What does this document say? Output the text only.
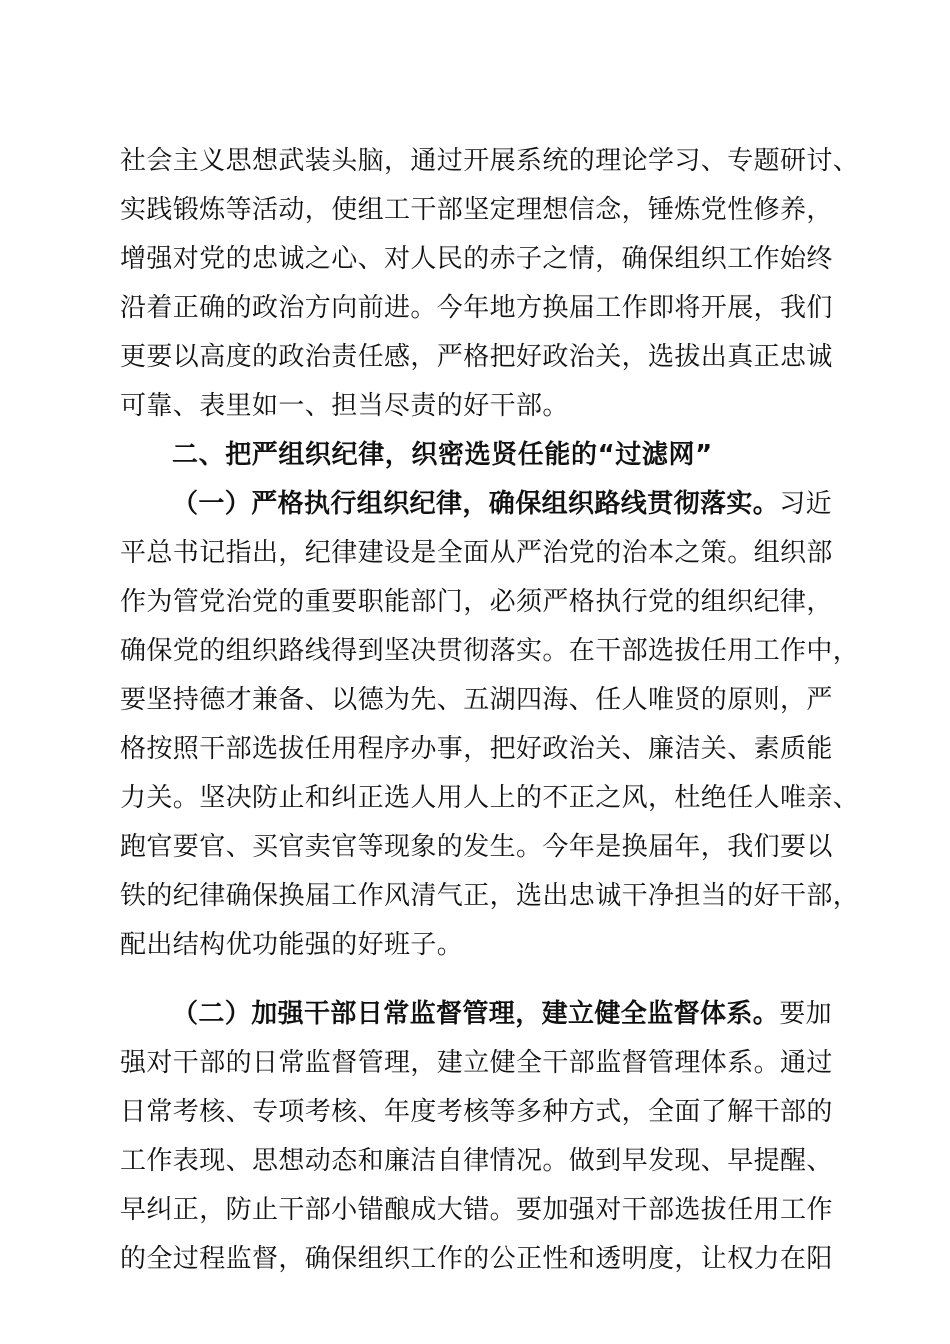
社会主义思想武装头脑，通过开展系统的理论学习、专题研讨、
实践锻炼等活动，使组工干部坚定理想信念，锤炼党性修养，
增强对党的忠诚之心、对人民的赤子之情，确保组织工作始终
沿着正确的政治方向前进。今年地方换届工作即将开展，我们
更要以高度的政治责任感，严格把好政治关，选拔出真正忠诚
可靠、表里如一、担当尽责的好干部。
二、把严组织纪律，织密选贤任能的“过滤网”
（一）严格执行组织纪律，确保组织路线贯彻落实。习近
平总书记指出，纪律建设是全面从严治党的治本之策。组织部
作为管党治党的重要职能部门，必须严格执行党的组织纪律，
确保党的组织路线得到坚决贯彻落实。在干部选拔任用工作中，
要坚持德才兼备、以德为先、五湖四海、任人唯贤的原则，严
格按照干部选拔任用程序办事，把好政治关、廉洁关、素质能
力关。坚决防止和纠正选人用人上的不正之风，杜绝任人唯亲、
跑官要官、买官卖官等现象的发生。今年是换届年，我们要以
铁的纪律确保换届工作风清气正，选出忠诚干净担当的好干部，
配出结构优功能强的好班子。
（二）加强干部日常监督管理，建立健全监督体系。要加
强对干部的日常监督管理，建立健全干部监督管理体系。通过
日常考核、专项考核、年度考核等多种方式，全面了解干部的
工作表现、思想动态和廉洁自律情况。做到早发现、早提醒、
早纠正，防止干部小错酿成大错。要加强对干部选拔任用工作
的全过程监督，确保组织工作的公正性和透明度，让权力在阳
